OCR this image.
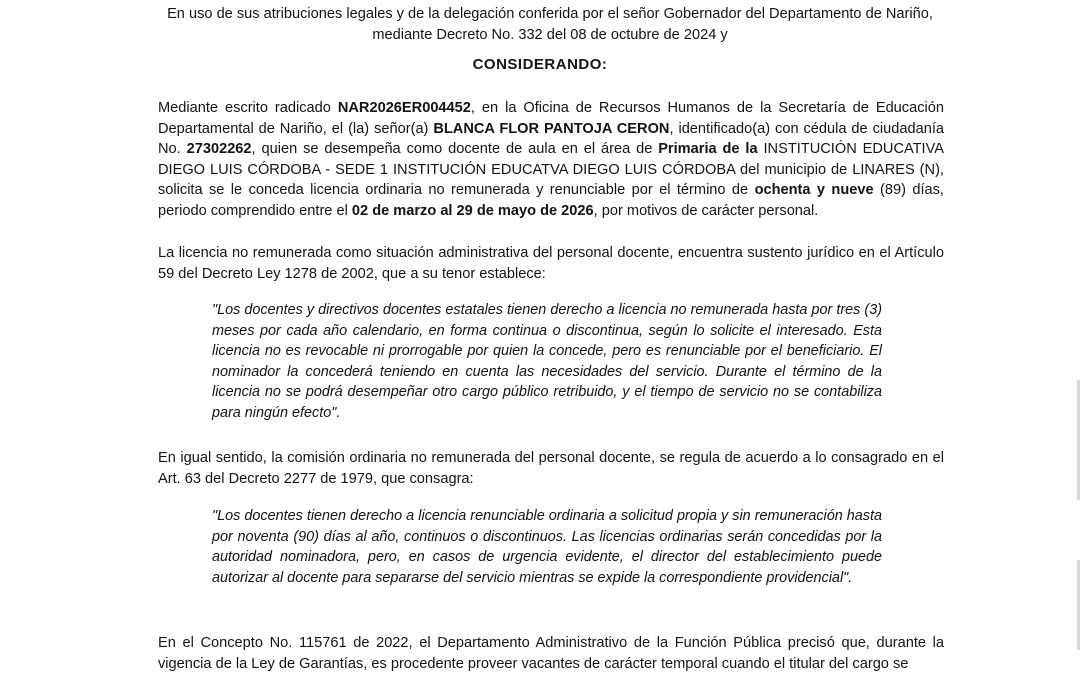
En uso de sus atribuciones legales y de la delegación conferida por el señor Gobernador del Departamento de Nariño,

mediante Decreto No. 332 del 08 de octubre de 2024 y

CONSIDERANDO:

Mediante escrito radicado NAR2026ER004452, en la Oficina de Recursos Humanos de la Secretaría de Educación Departamental de Nariño, el (la) señor(a) BLANCA FLOR PANTOJA CERON, identificado(a) con cédula de ciudadanía No. 27302262, quien se desempeña como docente de aula en el área de Primaria de la INSTITUCIÓN EDUCATIVA DIEGO LUIS CÓRDOBA - SEDE 1 INSTITUCIÓN EDUCATVA DIEGO LUIS CÓRDOBA del municipio de LINARES (N), solicita se le conceda licencia ordinaria no remunerada y renunciable por el término de ochenta y nueve (89) días, periodo comprendido entre el 02 de marzo al 29 de mayo de 2026, por motivos de carácter personal.

La licencia no remunerada como situación administrativa del personal docente, encuentra sustento jurídico en el Artículo 59 del Decreto Ley 1278 de 2002, que a su tenor establece:

"Los docentes y directivos docentes estatales tienen derecho a licencia no remunerada hasta por tres (3) meses por cada año calendario, en forma continua o discontinua, según lo solicite el interesado. Esta licencia no es revocable ni prorrogable por quien la concede, pero es renunciable por el beneficiario. El nominador la concederá teniendo en cuenta las necesidades del servicio. Durante el término de la licencia no se podrá desempeñar otro cargo público retribuido, y el tiempo de servicio no se contabiliza para ningún efecto".

En igual sentido, la comisión ordinaria no remunerada del personal docente, se regula de acuerdo a lo consagrado en el Art. 63 del Decreto 2277 de 1979, que consagra:

"Los docentes tienen derecho a licencia renunciable ordinaria a solicitud propia y sin remuneración hasta por noventa (90) días al año, continuos o discontinuos. Las licencias ordinarias serán concedidas por la autoridad nominadora, pero, en casos de urgencia evidente, el director del establecimiento puede autorizar al docente para separarse del servicio mientras se expide la correspondiente providencial".

En el Concepto No. 115761 de 2022, el Departamento Administrativo de la Función Pública precisó que, durante la vigencia de la Ley de Garantías, es procedente proveer vacantes de carácter temporal cuando el titular del cargo se
